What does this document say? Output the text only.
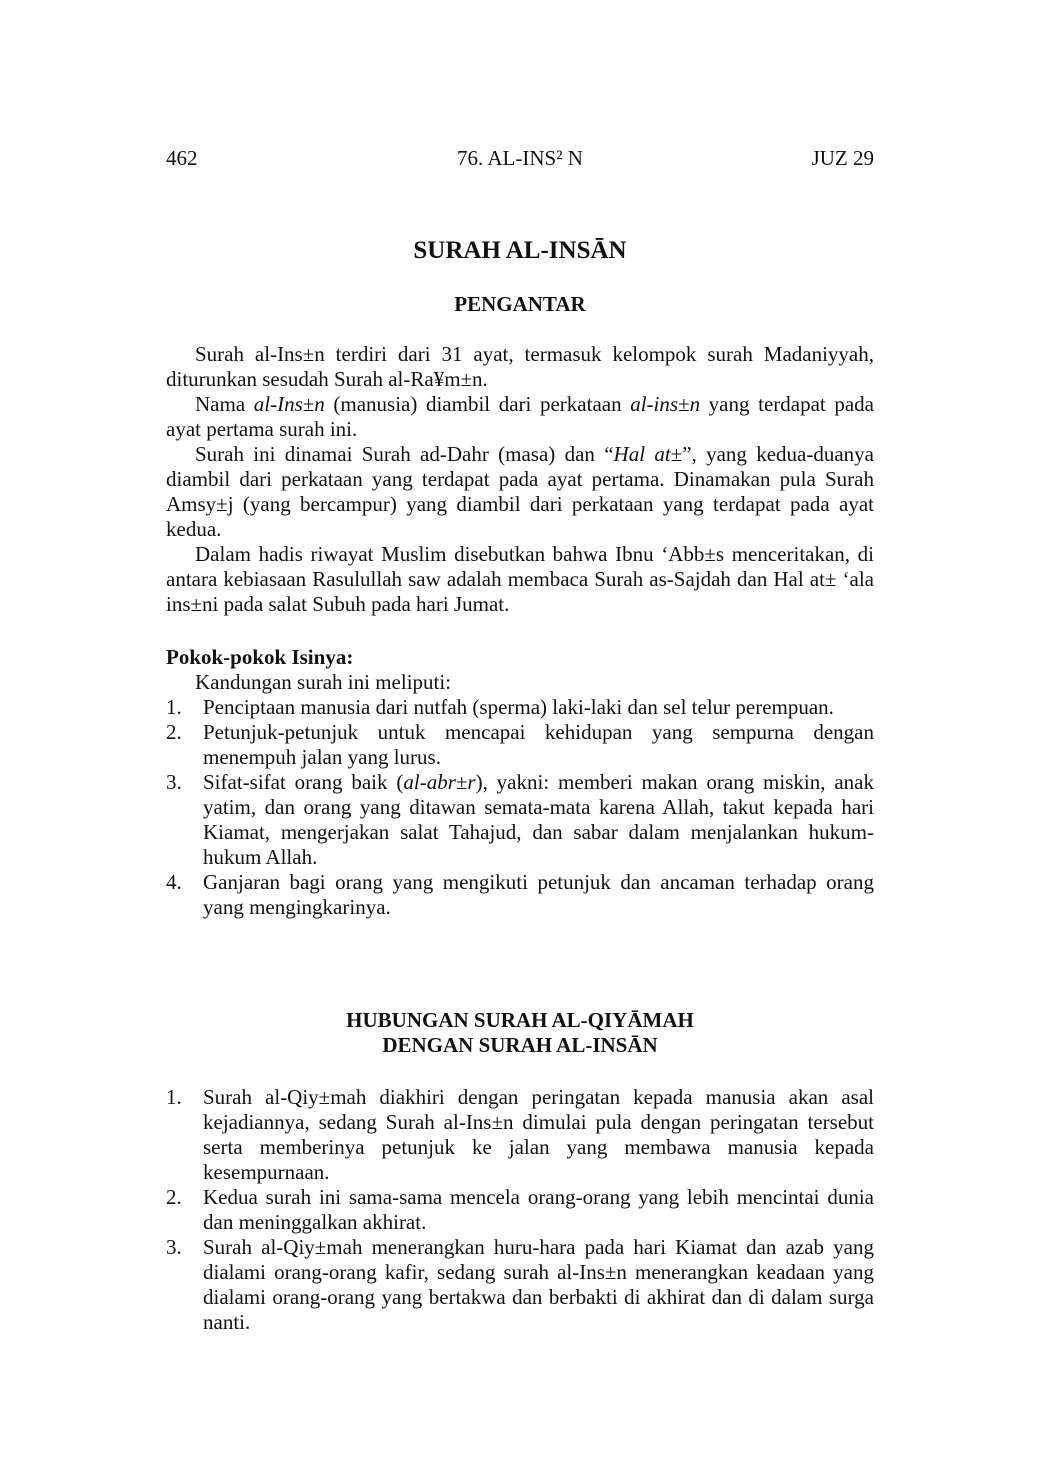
462	76. AL-INS² N	JUZ 29
SURAH AL-INSĀN
PENGANTAR

Surah al-Ins±n terdiri dari 31 ayat, termasuk kelompok surah Madaniyyah, diturunkan sesudah Surah al-Ra¥m±n.

Nama al-Ins±n (manusia) diambil dari perkataan al-ins±n yang terdapat pada ayat pertama surah ini.

Surah ini dinamai Surah ad-Dahr (masa) dan “Hal at±”, yang kedua-duanya diambil dari perkataan yang terdapat pada ayat pertama. Dinamakan pula Surah Amsy±j (yang bercampur) yang diambil dari perkataan yang terdapat pada ayat kedua.

Dalam hadis riwayat Muslim disebutkan bahwa Ibnu ‘Abb±s menceritakan, di antara kebiasaan Rasulullah saw adalah membaca Surah as-Sajdah dan Hal at± ‘ala ins±ni pada salat Subuh pada hari Jumat.

Pokok-pokok Isinya:

Kandungan surah ini meliputi:

1. Penciptaan manusia dari nutfah (sperma) laki-laki dan sel telur perempuan.
2. Petunjuk-petunjuk untuk mencapai kehidupan yang sempurna dengan menempuh jalan yang lurus.
3. Sifat-sifat orang baik (al-abr±r), yakni: memberi makan orang miskin, anak yatim, dan orang yang ditawan semata-mata karena Allah, takut kepada hari Kiamat, mengerjakan salat Tahajud, dan sabar dalam menjalankan hukum-hukum Allah.
4. Ganjaran bagi orang yang mengikuti petunjuk dan ancaman terhadap orang yang mengingkarinya.
HUBUNGAN SURAH AL-QIYĀMAH
DENGAN SURAH AL-INSĀN
1. Surah al-Qiy±mah diakhiri dengan peringatan kepada manusia akan asal kejadiannya, sedang Surah al-Ins±n dimulai pula dengan peringatan tersebut serta memberinya petunjuk ke jalan yang membawa manusia kepada kesempurnaan.
2. Kedua surah ini sama-sama mencela orang-orang yang lebih mencintai dunia dan meninggalkan akhirat.
3. Surah al-Qiy±mah menerangkan huru-hara pada hari Kiamat dan azab yang dialami orang-orang kafir, sedang surah al-Ins±n menerangkan keadaan yang dialami orang-orang yang bertakwa dan berbakti di akhirat dan di dalam surga nanti.
